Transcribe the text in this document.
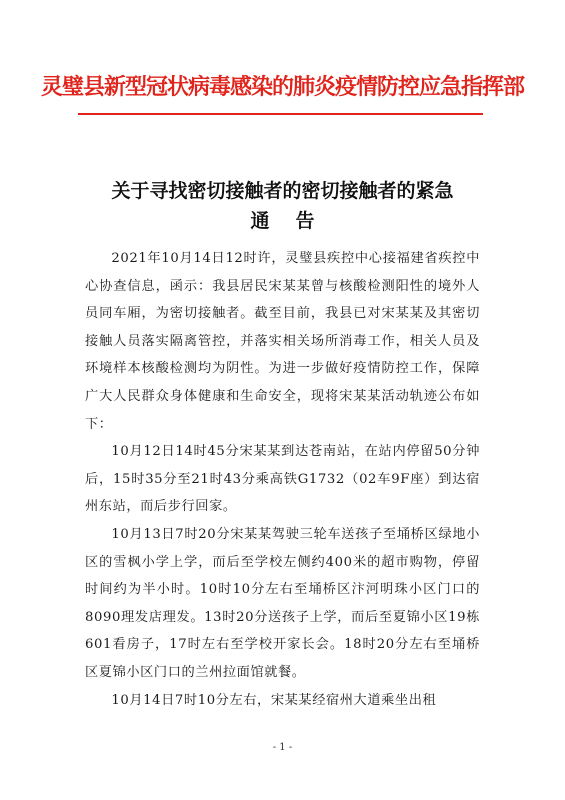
灵璧县新型冠状病毒感染的肺炎疫情防控应急指挥部
关于寻找密切接触者的密切接触者的紧急
通告

2021年10月14日12时许，灵璧县疾控中心接福建省疾控中心协查信息，函示：我县居民宋某某曾与核酸检测阳性的境外人员同车厢，为密切接触者。截至目前，我县已对宋某某及其密切接触人员落实隔离管控，并落实相关场所消毒工作，相关人员及环境样本核酸检测均为阴性。为进一步做好疫情防控工作，保障广大人民群众身体健康和生命安全，现将宋某某活动轨迹公布如下：

10月12日14时45分宋某某到达苍南站，在站内停留50分钟后，15时35分至21时43分乘高铁G1732（02车9F座）到达宿州东站，而后步行回家。

10月13日7时20分宋某某驾驶三轮车送孩子至埇桥区绿地小区的雪枫小学上学，而后至学校左侧约400米的超市购物，停留时间约为半小时。10时10分左右至埇桥区汴河明珠小区门口的8090理发店理发。13时20分送孩子上学，而后至夏锦小区19栋601看房子，17时左右至学校开家长会。18时20分左右至埇桥区夏锦小区门口的兰州拉面馆就餐。

10月14日7时10分左右，宋某某经宿州大道乘坐出租

- 1 -
